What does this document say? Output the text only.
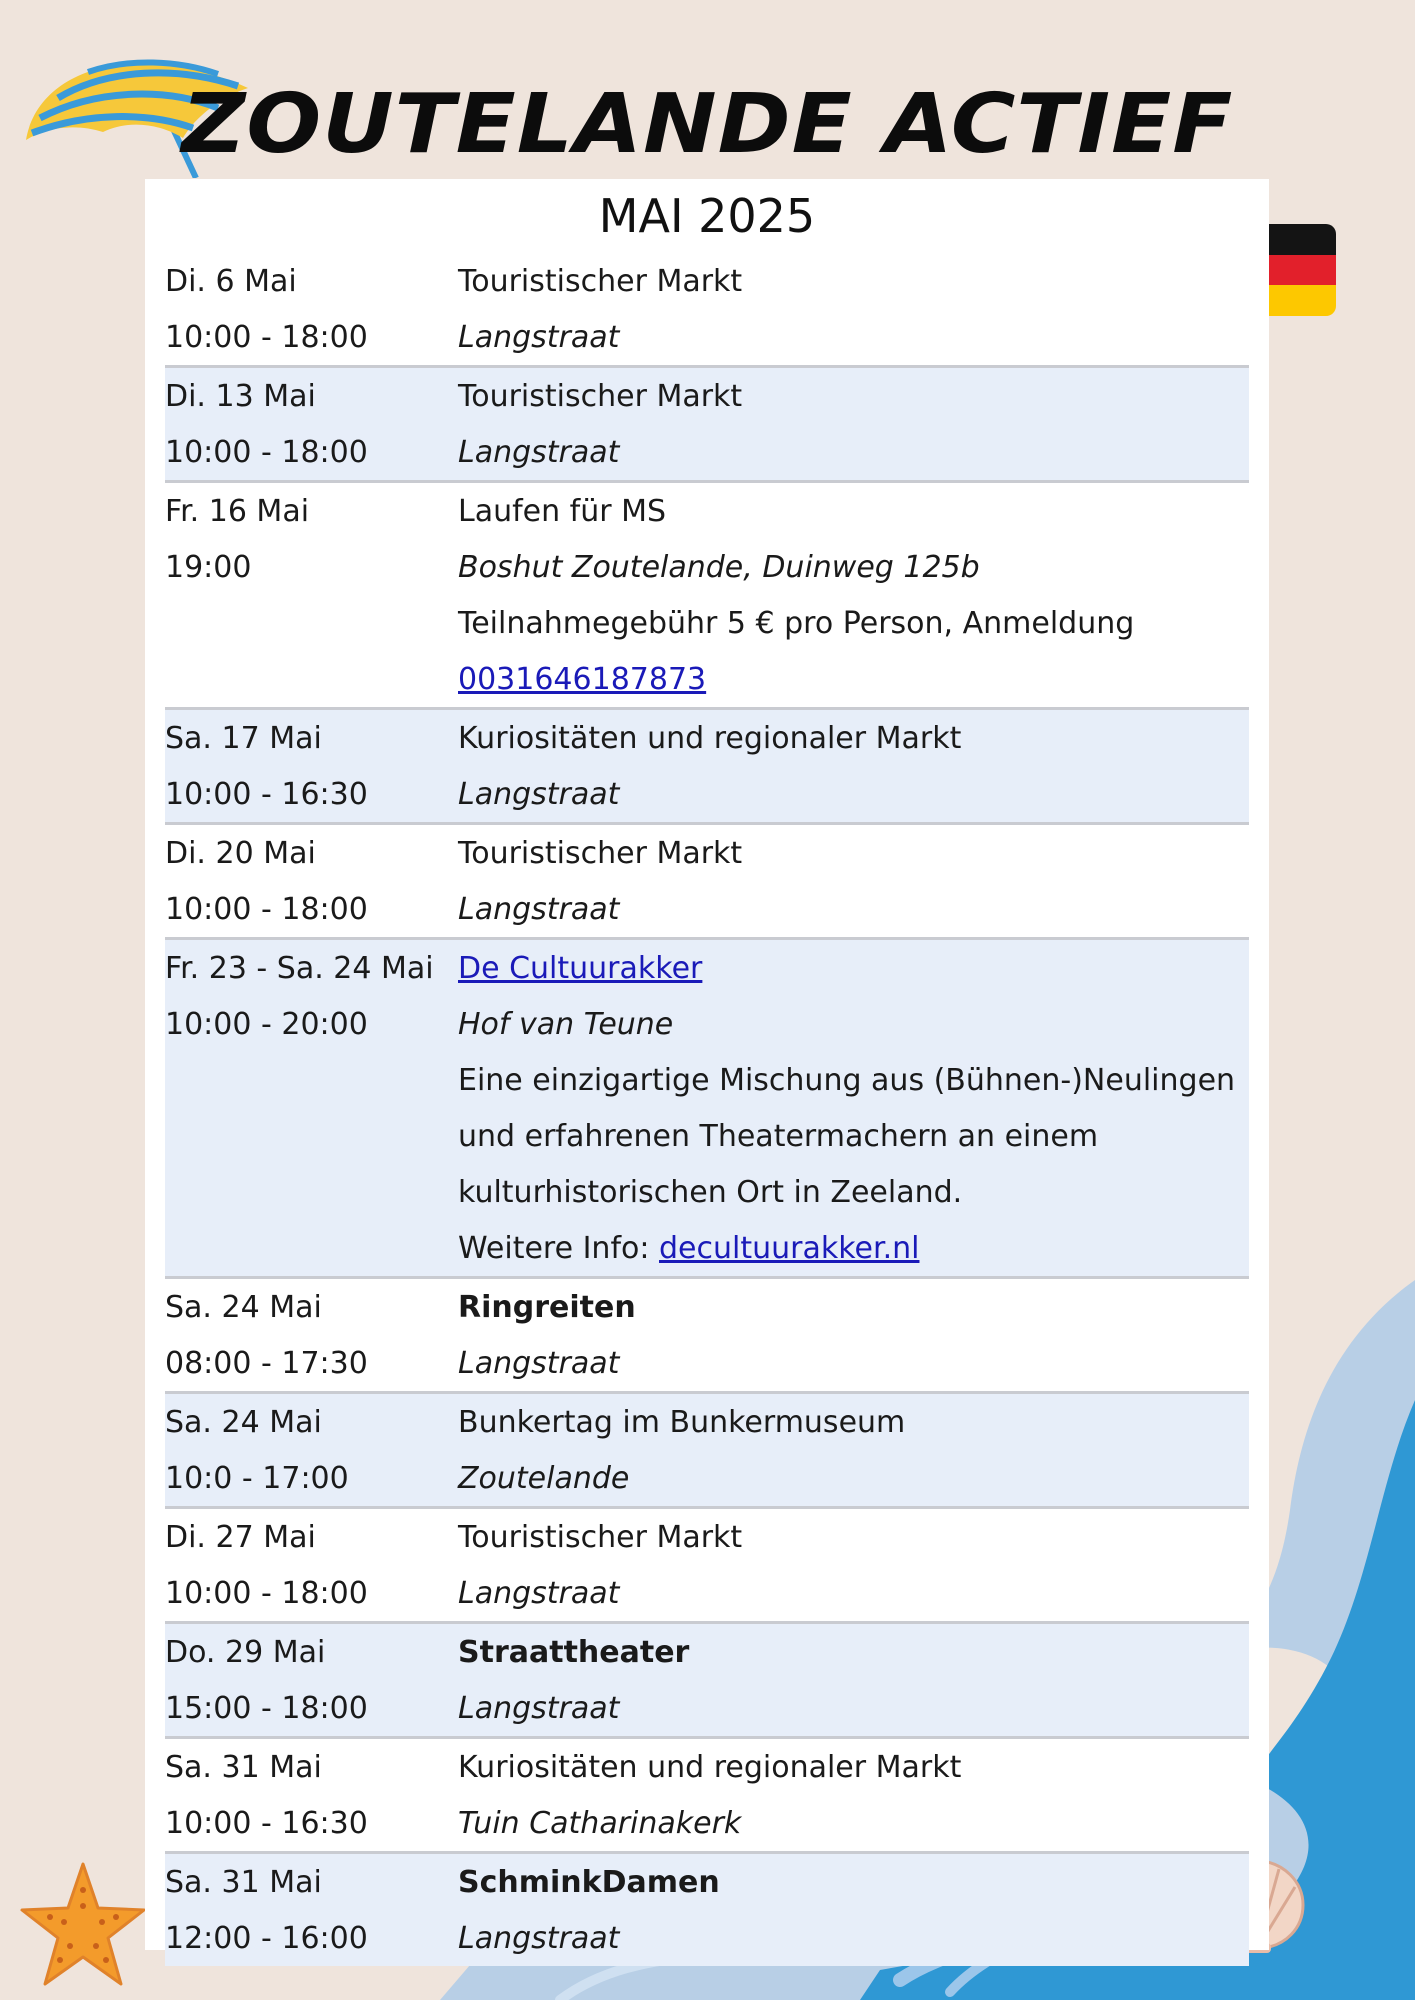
ZOUTELANDE ACTIEF
MAI 2025
Di. 6 Mai
10:00 - 18:00
Touristischer Markt
Langstraat
Di. 13 Mai
10:00 - 18:00
Touristischer Markt
Langstraat
Fr. 16 Mai
19:00
Laufen für MS
Boshut Zoutelande, Duinweg 125b
Teilnahmegebühr 5 € pro Person, Anmeldung
0031646187873
Sa. 17 Mai
10:00 - 16:30
Kuriositäten und regionaler Markt
Langstraat
Di. 20 Mai
10:00 - 18:00
Touristischer Markt
Langstraat
Fr. 23 - Sa. 24 Mai
10:00 - 20:00
De Cultuurakker
Hof van Teune
Eine einzigartige Mischung aus (Bühnen-)Neulingen
und erfahrenen Theatermachern an einem
kulturhistorischen Ort in Zeeland.
Weitere Info: decultuurakker.nl
Sa. 24 Mai
08:00 - 17:30
Ringreiten
Langstraat
Sa. 24 Mai
10:0 - 17:00
Bunkertag im Bunkermuseum
Zoutelande
Di. 27 Mai
10:00 - 18:00
Touristischer Markt
Langstraat
Do. 29 Mai
15:00 - 18:00
Straattheater
Langstraat
Sa. 31 Mai
10:00 - 16:30
Kuriositäten und regionaler Markt
Tuin Catharinakerk
Sa. 31 Mai
12:00 - 16:00
SchminkDamen
Langstraat
